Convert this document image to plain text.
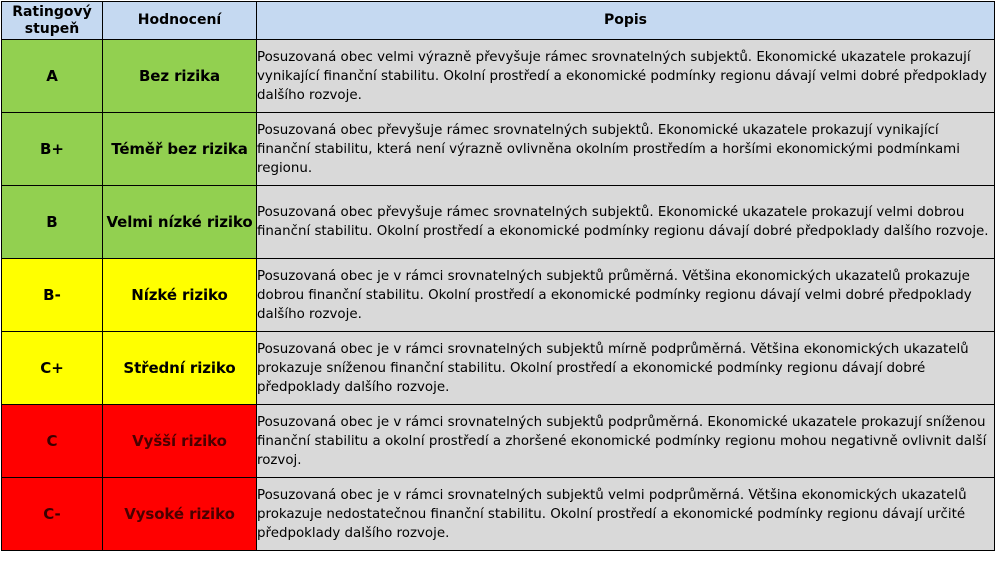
Ratingový
stupeň	Hodnocení	Popis
A	Bez rizika	Posuzovaná obec velmi výrazně převyšuje rámec srovnatelných subjektů. Ekonomické ukazatele prokazují vynikající finanční stabilitu. Okolní prostředí a ekonomické podmínky regionu dávají velmi dobré předpoklady dalšího rozvoje.
B+	Téměř bez rizika	Posuzovaná obec převyšuje rámec srovnatelných subjektů. Ekonomické ukazatele prokazují vynikající finanční stabilitu, která není výrazně ovlivněna okolním prostředím a horšími ekonomickými podmínkami regionu.
B	Velmi nízké riziko	Posuzovaná obec převyšuje rámec srovnatelných subjektů. Ekonomické ukazatele prokazují velmi dobrou finanční stabilitu. Okolní prostředí a ekonomické podmínky regionu dávají dobré předpoklady dalšího rozvoje.
B-	Nízké riziko	Posuzovaná obec je v rámci srovnatelných subjektů průměrná. Většina ekonomických ukazatelů prokazuje dobrou finanční stabilitu. Okolní prostředí a ekonomické podmínky regionu dávají velmi dobré předpoklady dalšího rozvoje.
C+	Střední riziko	Posuzovaná obec je v rámci srovnatelných subjektů mírně podprůměrná. Většina ekonomických ukazatelů prokazuje sníženou finanční stabilitu. Okolní prostředí a ekonomické podmínky regionu dávají dobré předpoklady dalšího rozvoje.
C	Vyšší riziko	Posuzovaná obec je v rámci srovnatelných subjektů podprůměrná. Ekonomické ukazatele prokazují sníženou finanční stabilitu a okolní prostředí a zhoršené ekonomické podmínky regionu mohou negativně ovlivnit další rozvoj.
C-	Vysoké riziko	Posuzovaná obec je v rámci srovnatelných subjektů velmi podprůměrná. Většina ekonomických ukazatelů prokazuje nedostatečnou finanční stabilitu. Okolní prostředí a ekonomické podmínky regionu dávají určité předpoklady dalšího rozvoje.
